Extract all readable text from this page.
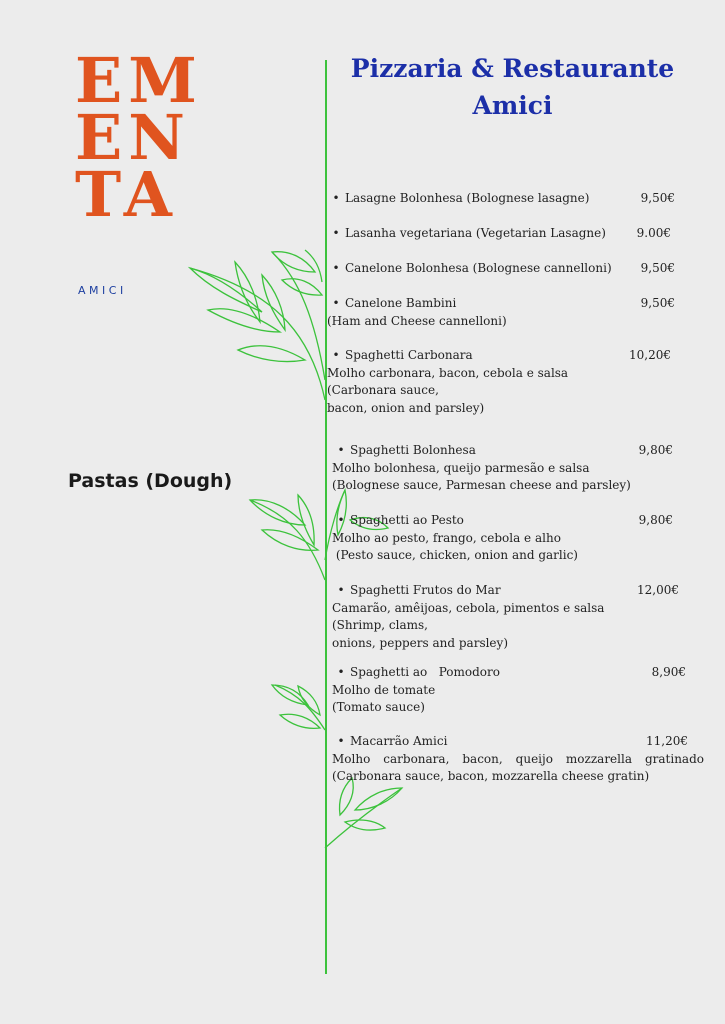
EM
EN
TA
AMICI
Pastas (Dough)
Pizzaria & Restaurante
Amici
• Lasagne Bolonhesa (Bolognese lasagne)	9,50€
• Lasanha vegetariana (Vegetarian Lasagne)	9.00€
• Canelone Bolonhesa (Bolognese cannelloni)	9,50€
• Canelone Bambini	9,50€
(Ham and Cheese cannelloni)
• Spaghetti Carbonara	10,20€
Molho carbonara, bacon, cebola e salsa
(Carbonara sauce,
bacon, onion and parsley)
• Spaghetti Bolonhesa	9,80€
Molho bolonhesa, queijo parmesão e salsa
(Bolognese sauce, Parmesan cheese and parsley)
• Spaghetti ao Pesto	9,80€
Molho ao pesto, frango, cebola e alho
(Pesto sauce, chicken, onion and garlic)
• Spaghetti Frutos do Mar	12,00€
Camarão, amêijoas, cebola, pimentos e salsa
(Shrimp, clams,
onions, peppers and parsley)
• Spaghetti ao   Pomodoro	8,90€
Molho de tomate
(Tomato sauce)
• Macarrão Amici	11,20€
Molho carbonara, bacon, queijo mozzarella gratinado
(Carbonara sauce, bacon, mozzarella cheese gratin)
